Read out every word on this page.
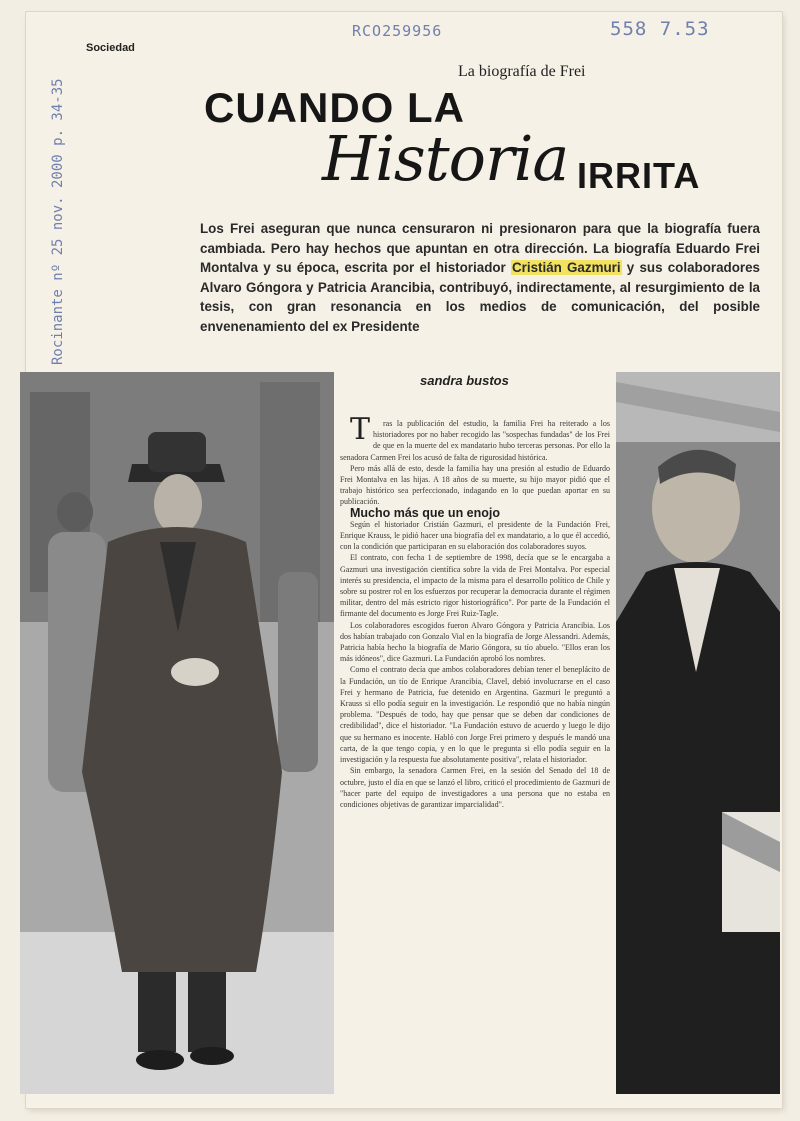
RCO259956	558 7.53
Rocinante nº 25 nov. 2000 p. 34-35
Sociedad
La biografía de Frei
CUANDO LA
Historia IRRITA
Los Frei aseguran que nunca censuraron ni presionaron para que la biografía fuera cambiada. Pero hay hechos que apuntan en otra dirección. La biografía Eduardo Frei Montalva y su época, escrita por el historiador Cristián Gazmuri y sus colaboradores Alvaro Góngora y Patricia Arancibia, contribuyó, indirectamente, al resurgimiento de la tesis, con gran resonancia en los medios de comunicación, del posible envenenamiento del ex Presidente
sandra bustos

T ras la publicación del estudio, la familia Frei ha reiterado a los historiadores por no haber recogido las "sospechas fundadas" de los Frei de que en la muerte del ex mandatario hubo terceras personas. Por ello la senadora Carmen Frei los acusó de falta de rigurosidad histórica.

Pero más allá de esto, desde la familia hay una presión al estudio de Eduardo Frei Montalva en las hijas. A 18 años de su muerte, su hijo mayor pidió que el trabajo histórico sea perfeccionado, indagando en lo que puedan aportar en su publicación.

Mucho más que un enojo

Según el historiador Cristián Gazmuri, el presidente de la Fundación Frei, Enrique Krauss, le pidió hacer una biografía del ex mandatario, a lo que él accedió, con la condición que participaran en su elaboración dos colaboradores suyos.

El contrato, con fecha 1 de septiembre de 1998, decía que se le encargaba a Gazmuri una investigación científica sobre la vida de Frei Montalva. Por especial interés su presidencia, el impacto de la misma para el desarrollo político de Chile y sobre su postrer rol en los esfuerzos por recuperar la democracia durante el régimen militar, dentro del más estricto rigor historiográfico". Por parte de la Fundación el firmante del documento es Jorge Frei Ruiz-Tagle.

Los colaboradores escogidos fueron Alvaro Góngora y Patricia Arancibia. Los dos habían trabajado con Gonzalo Vial en la biografía de Jorge Alessandri. Además, Patricia había hecho la biografía de Mario Góngora, su tío abuelo. "Ellos eran los más idóneos", dice Gazmuri. La Fundación aprobó los nombres.

Como el contrato decía que ambos colaboradores debían tener el beneplácito de la Fundación, un tío de Enrique Arancibia, Clavel, debió involucrarse en el caso Frei y hermano de Patricia, fue detenido en Argentina. Gazmuri le preguntó a Krauss si ello podía seguir en la investigación. Le respondió que no había ningún problema. "Después de todo, hay que pensar que se deben dar condiciones de credibilidad", dice el historiador. "La Fundación estuvo de acuerdo y luego le dijo que su hermano es inocente. Habló con Jorge Frei primero y después le mandó una carta, de la que tengo copia, y en lo que le pregunta si ello podía seguir en la investigación y la respuesta fue absolutamente positiva", relata el historiador.

Sin embargo, la senadora Carmen Frei, en la sesión del Senado del 18 de octubre, justo el día en que se lanzó el libro, criticó el procedimiento de Gazmuri de "hacer parte del equipo de investigadores a una persona que no estaba en condiciones objetivas de garantizar imparcialidad".
